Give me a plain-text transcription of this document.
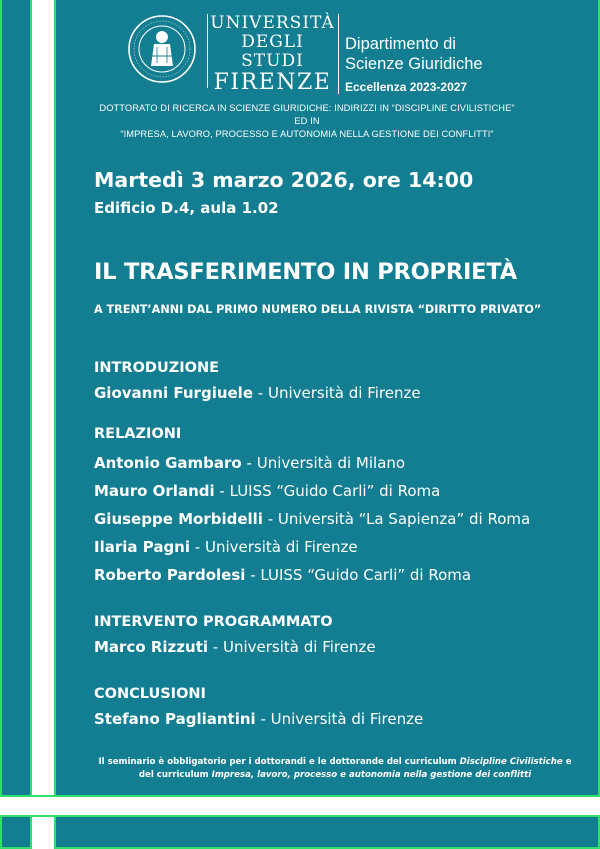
UNIVERSITÀ
DEGLI STUDI
FIRENZE
Dipartimento di
Scienze Giuridiche
Eccellenza 2023-2027
DOTTORATO DI RICERCA IN SCIENZE GIURIDICHE: INDIRIZZI IN “DISCIPLINE CIVILISTICHE” ED IN
“IMPRESA, LAVORO, PROCESSO E AUTONOMIA NELLA GESTIONE DEI CONFLITTI”
Martedì 3 marzo 2026, ore 14:00
Edificio D.4, aula 1.02
IL TRASFERIMENTO IN PROPRIETÀ
A TRENT’ANNI DAL PRIMO NUMERO DELLA RIVISTA “DIRITTO PRIVATO”
INTRODUZIONE
Giovanni Furgiuele - Università di Firenze
RELAZIONI
Antonio Gambaro - Università di Milano
Mauro Orlandi - LUISS “Guido Carli” di Roma
Giuseppe Morbidelli - Università “La Sapienza” di Roma
Ilaria Pagni - Università di Firenze
Roberto Pardolesi - LUISS “Guido Carli” di Roma
INTERVENTO PROGRAMMATO
Marco Rizzuti - Università di Firenze
CONCLUSIONI
Stefano Pagliantini - Università di Firenze
Il seminario è obbligatorio per i dottorandi e le dottorande del curriculum Discipline Civilistiche e
del curriculum Impresa, lavoro, processo e autonomia nella gestione dei conflitti
